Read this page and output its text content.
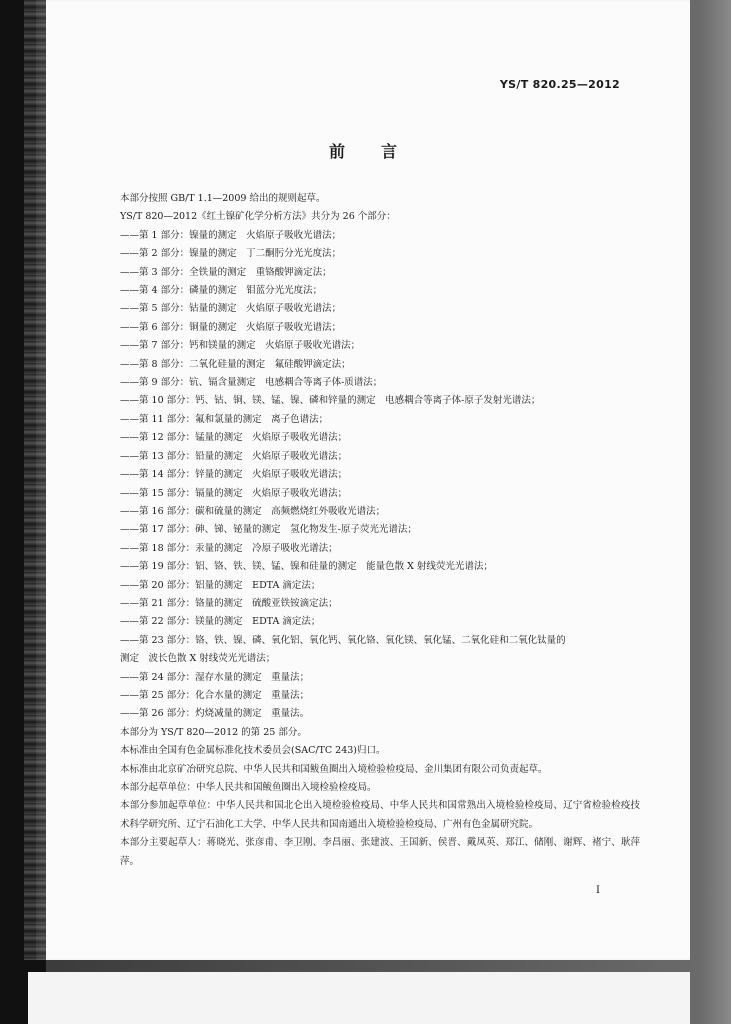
YS/T 820.25—2012
前言

本部分按照 GB/T 1.1—2009 给出的规则起草。

YS/T 820—2012《红土镍矿化学分析方法》共分为 26 个部分：

——第 1 部分：镍量的测定　火焰原子吸收光谱法；

——第 2 部分：镍量的测定　丁二酮肟分光光度法；

——第 3 部分：全铁量的测定　重铬酸钾滴定法；

——第 4 部分：磷量的测定　钼蓝分光光度法；

——第 5 部分：钴量的测定　火焰原子吸收光谱法；

——第 6 部分：铜量的测定　火焰原子吸收光谱法；

——第 7 部分：钙和镁量的测定　火焰原子吸收光谱法；

——第 8 部分：二氧化硅量的测定　氟硅酸钾滴定法；

——第 9 部分：钪、镉含量测定　电感耦合等离子体-质谱法；

——第 10 部分：钙、钴、铜、镁、锰、镍、磷和锌量的测定　电感耦合等离子体-原子发射光谱法；

——第 11 部分：氟和氯量的测定　离子色谱法；

——第 12 部分：锰量的测定　火焰原子吸收光谱法；

——第 13 部分：铅量的测定　火焰原子吸收光谱法；

——第 14 部分：锌量的测定　火焰原子吸收光谱法；

——第 15 部分：镉量的测定　火焰原子吸收光谱法；

——第 16 部分：碳和硫量的测定　高频燃烧红外吸收光谱法；

——第 17 部分：砷、锑、铋量的测定　氢化物发生-原子荧光光谱法；

——第 18 部分：汞量的测定　冷原子吸收光谱法；

——第 19 部分：铝、铬、铁、镁、锰、镍和硅量的测定　能量色散 X 射线荧光光谱法；

——第 20 部分：铝量的测定　EDTA 滴定法；

——第 21 部分：铬量的测定　硫酸亚铁铵滴定法；

——第 22 部分：镁量的测定　EDTA 滴定法；

——第 23 部分：铬、铁、镍、磷、氧化铝、氧化钙、氧化铬、氧化镁、氧化锰、二氧化硅和二氧化钛量的

测定　波长色散 X 射线荧光光谱法；

——第 24 部分：湿存水量的测定　重量法；

——第 25 部分：化合水量的测定　重量法；

——第 26 部分：灼烧减量的测定　重量法。

本部分为 YS/T 820—2012 的第 25 部分。

本标准由全国有色金属标准化技术委员会(SAC/TC 243)归口。

本标准由北京矿冶研究总院、中华人民共和国鲅鱼圈出入境检验检疫局、金川集团有限公司负责起草。

本部分起草单位：中华人民共和国鲅鱼圈出入境检验检疫局。

本部分参加起草单位：中华人民共和国北仑出入境检验检疫局、中华人民共和国常熟出入境检验检疫局、辽宁省检验检疫技术科学研究所、辽宁石油化工大学、中华人民共和国南通出入境检验检疫局、广州有色金属研究院。

本部分主要起草人：蒋晓光、张彦甫、李卫刚、李昌丽、张建波、王国新、侯晋、戴凤英、郑江、储刚、谢辉、褚宁、耿萍萍。

I
